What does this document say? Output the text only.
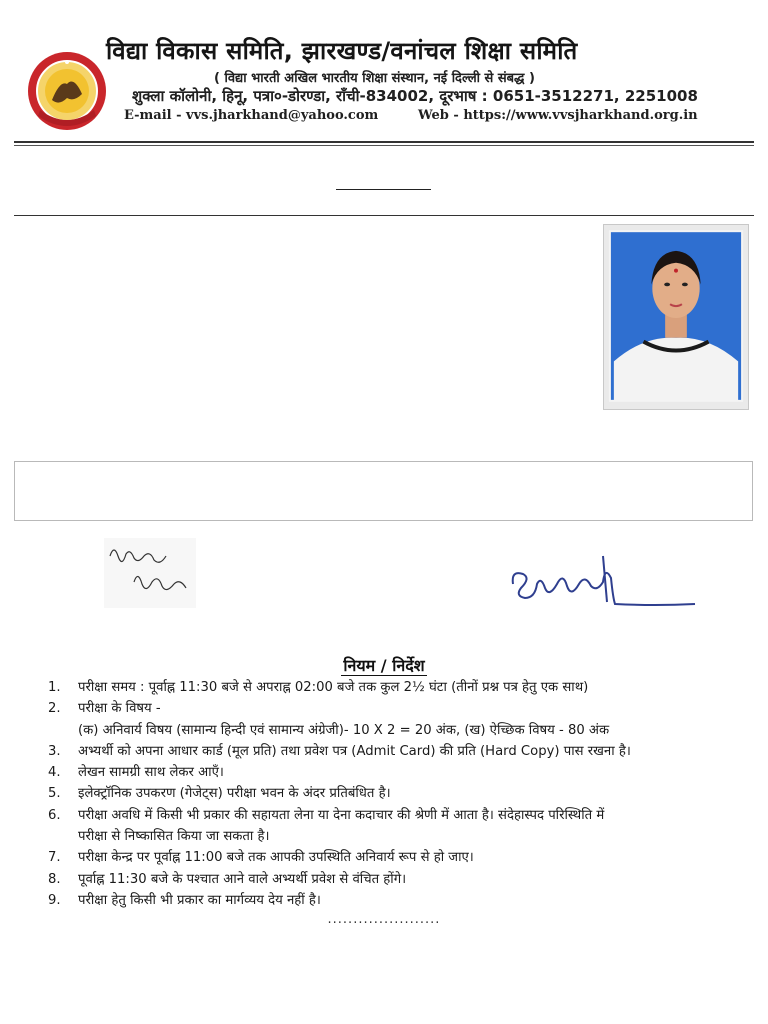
विद्या विकास समिति, झारखण्ड/वनांचल शिक्षा समिति
( विद्या भारती अखिल भारतीय शिक्षा संस्थान, नई दिल्ली से संबद्ध )
शुक्ला कॉलोनी, हिनू, पत्रा०-डोरण्डा, राँची-834002, दूरभाष : 0651-3512271, 2251008
E-mail - vvs.jharkhand@yahoo.com	Web - https://www.vvsjharkhand.org.in
नियम / निर्देश
1.	परीक्षा समय : पूर्वाह्न 11:30 बजे से अपराह्न 02:00 बजे तक कुल 2½ घंटा (तीनों प्रश्न पत्र हेतु एक साथ)
2.	परीक्षा के विषय -
(क) अनिवार्य विषय (सामान्य हिन्दी एवं सामान्य अंग्रेजी)- 10 X 2 = 20 अंक, (ख) ऐच्छिक विषय - 80 अंक
3.	अभ्यर्थी को अपना आधार कार्ड (मूल प्रति) तथा प्रवेश पत्र (Admit Card) की प्रति (Hard Copy) पास रखना है।
4.	लेखन सामग्री साथ लेकर आएँ।
5.	इलेक्ट्रॉनिक उपकरण (गेजेट्स) परीक्षा भवन के अंदर प्रतिबंधित है।
6.	परीक्षा अवधि में किसी भी प्रकार की सहायता लेना या देना कदाचार की श्रेणी में आता है। संदेहास्पद परिस्थिति में
परीक्षा से निष्कासित किया जा सकता है।
7.	परीक्षा केन्द्र पर पूर्वाह्न 11:00 बजे तक आपकी उपस्थिति अनिवार्य रूप से हो जाए।
8.	पूर्वाह्न 11:30 बजे के पश्चात आने वाले अभ्यर्थी प्रवेश से वंचित होंगे।
9.	परीक्षा हेतु किसी भी प्रकार का मार्गव्यय देय नहीं है।
......................
